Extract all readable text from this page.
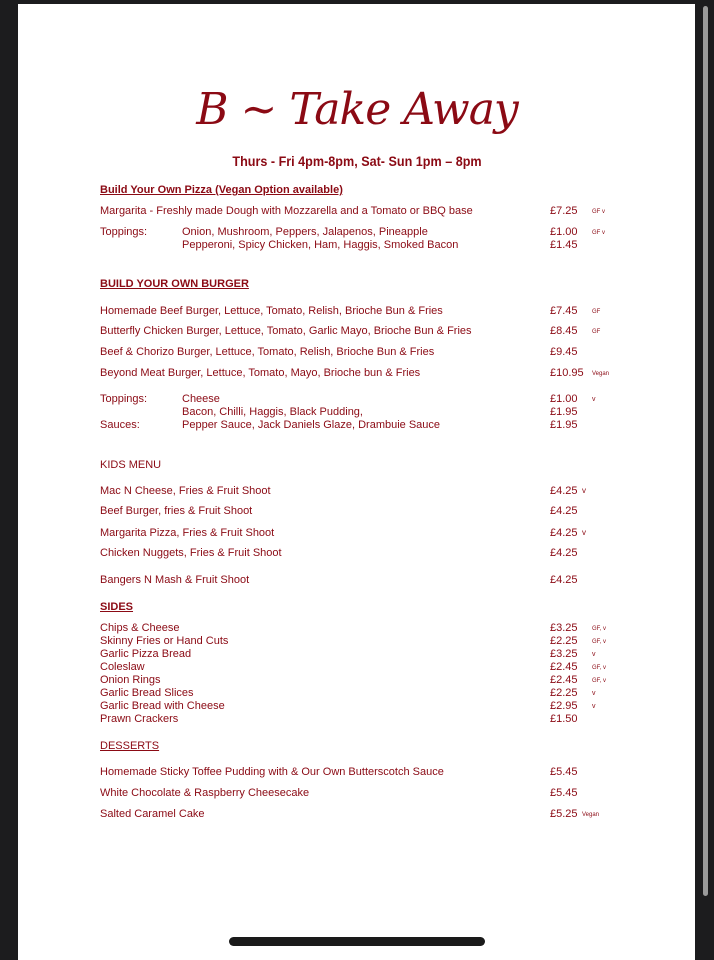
B ~ Take Away
Thurs - Fri 4pm-8pm, Sat- Sun 1pm – 8pm
Build Your Own Pizza (Vegan Option available)
Margarita - Freshly made Dough with Mozzarella and a Tomato or BBQ base	£7.25 GF v
Toppings:	Onion, Mushroom, Peppers, Jalapenos, Pineapple	£1.00 GF v
Pepperoni, Spicy Chicken, Ham, Haggis, Smoked Bacon	£1.45
BUILD YOUR OWN BURGER
Homemade Beef Burger, Lettuce, Tomato, Relish, Brioche Bun & Fries	£7.45 GF
Butterfly Chicken Burger, Lettuce, Tomato, Garlic Mayo, Brioche Bun & Fries	£8.45 GF
Beef & Chorizo Burger, Lettuce, Tomato, Relish, Brioche Bun & Fries	£9.45
Beyond Meat Burger, Lettuce, Tomato, Mayo, Brioche bun & Fries	£10.95 Vegan
Toppings:	Cheese	£1.00 v
Bacon, Chilli, Haggis, Black Pudding,	£1.95
Sauces:	Pepper Sauce, Jack Daniels Glaze, Drambuie Sauce	£1.95
KIDS MENU
Mac N Cheese, Fries & Fruit Shoot	£4.25 v
Beef Burger, fries & Fruit Shoot	£4.25
Margarita Pizza, Fries & Fruit Shoot	£4.25 v
Chicken Nuggets, Fries & Fruit Shoot	£4.25
Bangers N Mash & Fruit Shoot	£4.25
SIDES
Chips & Cheese	£3.25 GF, v
Skinny Fries or Hand Cuts	£2.25 GF, v
Garlic Pizza Bread	£3.25 v
Coleslaw	£2.45 GF, v
Onion Rings	£2.45 GF, v
Garlic Bread Slices	£2.25 v
Garlic Bread with Cheese	£2.95 v
Prawn Crackers	£1.50
DESSERTS
Homemade Sticky Toffee Pudding with & Our Own Butterscotch Sauce	£5.45
White Chocolate & Raspberry Cheesecake	£5.45
Salted Caramel Cake	£5.25 Vegan
